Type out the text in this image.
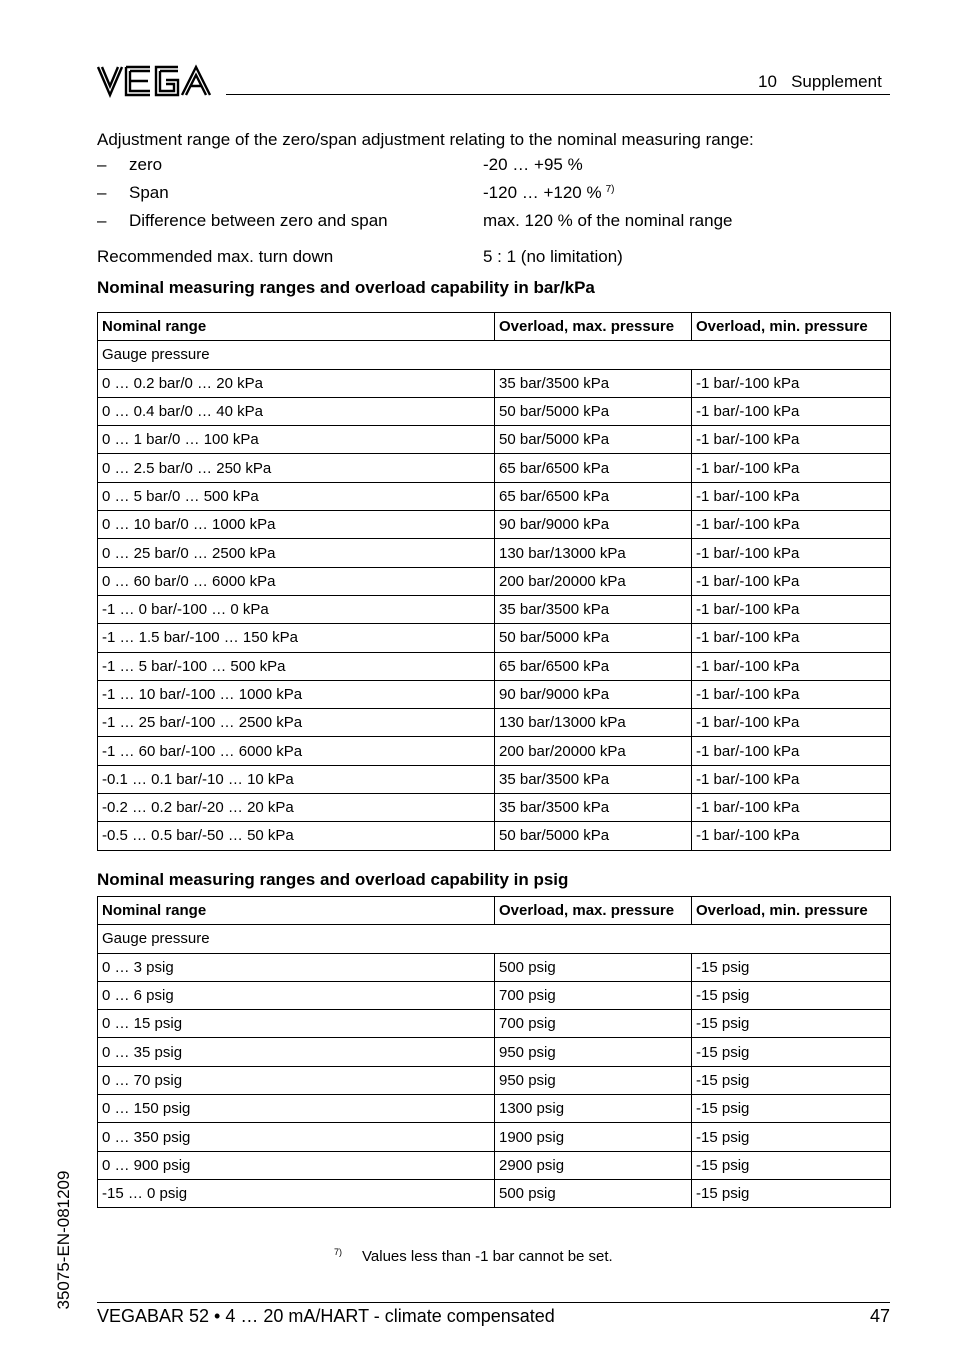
10   Supplement
Adjustment range of the zero/span adjustment relating to the nominal measuring range:
– zero	-20 … +95 %
– Span	-120 … +120 % $^{7)}$
– Difference between zero and span	max. 120 % of the nominal range
Recommended max. turn down	5 : 1 (no limitation)
Nominal measuring ranges and overload capability in bar/kPa
Nominal range	Overload, max. pressure	Overload, min. pressure
Gauge pressure		
0 … 0.2 bar/0 … 20 kPa	35 bar/3500 kPa	-1 bar/-100 kPa
0 … 0.4 bar/0 … 40 kPa	50 bar/5000 kPa	-1 bar/-100 kPa
0 … 1 bar/0 … 100 kPa	50 bar/5000 kPa	-1 bar/-100 kPa
0 … 2.5 bar/0 … 250 kPa	65 bar/6500 kPa	-1 bar/-100 kPa
0 … 5 bar/0 … 500 kPa	65 bar/6500 kPa	-1 bar/-100 kPa
0 … 10 bar/0 … 1000 kPa	90 bar/9000 kPa	-1 bar/-100 kPa
0 … 25 bar/0 … 2500 kPa	130 bar/13000 kPa	-1 bar/-100 kPa
0 … 60 bar/0 … 6000 kPa	200 bar/20000 kPa	-1 bar/-100 kPa
-1 … 0 bar/-100 … 0 kPa	35 bar/3500 kPa	-1 bar/-100 kPa
-1 … 1.5 bar/-100 … 150 kPa	50 bar/5000 kPa	-1 bar/-100 kPa
-1 … 5 bar/-100 … 500 kPa	65 bar/6500 kPa	-1 bar/-100 kPa
-1 … 10 bar/-100 … 1000 kPa	90 bar/9000 kPa	-1 bar/-100 kPa
-1 … 25 bar/-100 … 2500 kPa	130 bar/13000 kPa	-1 bar/-100 kPa
-1 … 60 bar/-100 … 6000 kPa	200 bar/20000 kPa	-1 bar/-100 kPa
-0.1 … 0.1 bar/-10 … 10 kPa	35 bar/3500 kPa	-1 bar/-100 kPa
-0.2 … 0.2 bar/-20 … 20 kPa	35 bar/3500 kPa	-1 bar/-100 kPa
-0.5 … 0.5 bar/-50 … 50 kPa	50 bar/5000 kPa	-1 bar/-100 kPa
Nominal measuring ranges and overload capability in psig
Nominal range	Overload, max. pressure	Overload, min. pressure
Gauge pressure		
0 … 3 psig	500 psig	-15 psig
0 … 6 psig	700 psig	-15 psig
0 … 15 psig	700 psig	-15 psig
0 … 35 psig	950 psig	-15 psig
0 … 70 psig	950 psig	-15 psig
0 … 150 psig	1300 psig	-15 psig
0 … 350 psig	1900 psig	-15 psig
0 … 900 psig	2900 psig	-15 psig
-15 … 0 psig	500 psig	-15 psig
$^{7)}$ Values less than -1 bar cannot be set.
35075-EN-081209
VEGABAR 52 • 4 … 20 mA/HART - climate compensated	47
